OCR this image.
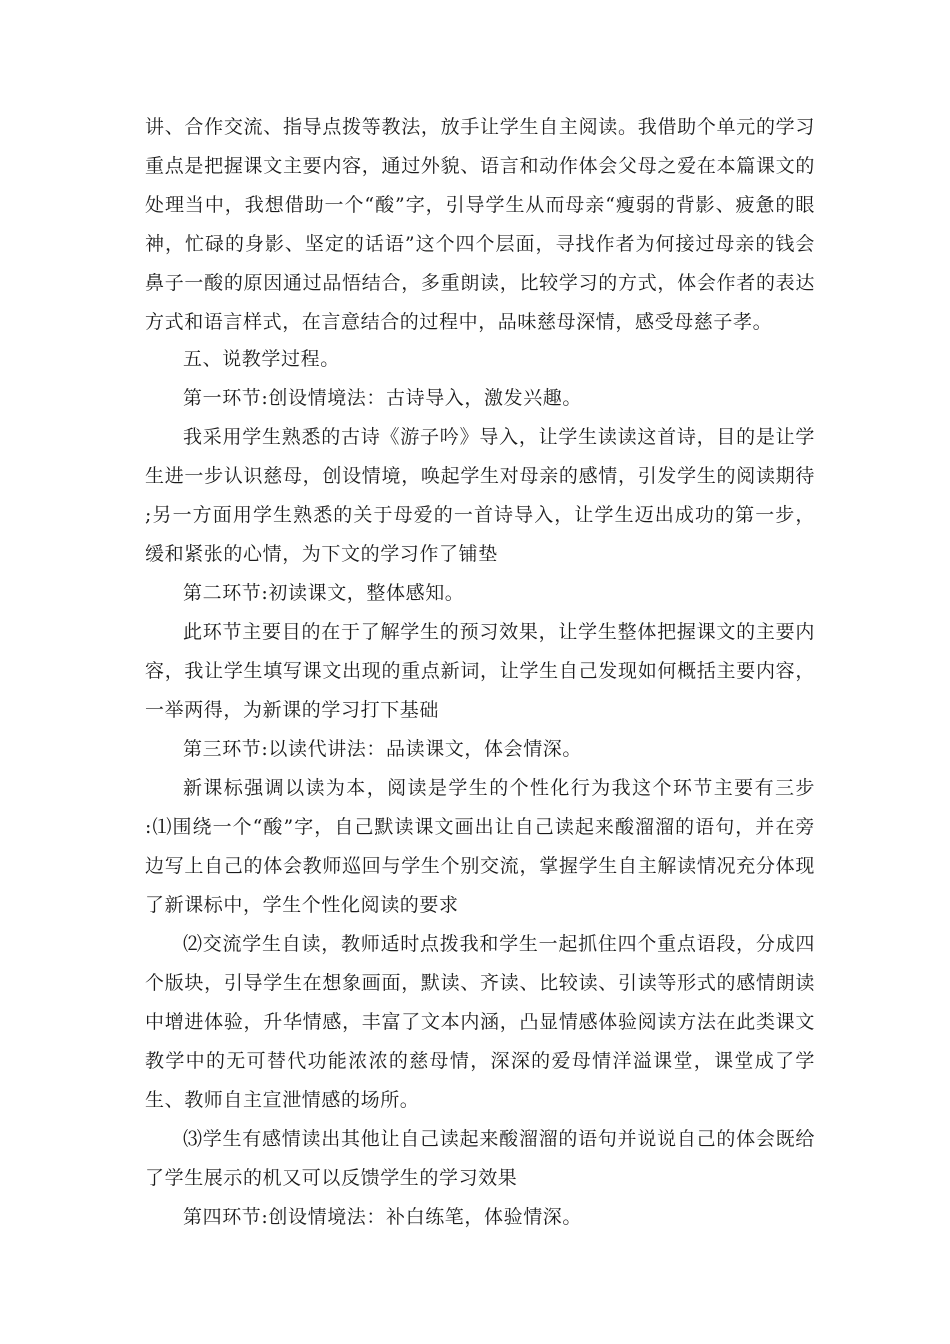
讲、合作交流、指导点拨等教法，放手让学生自主阅读。我借助个单元的学习重点是把握课文主要内容，通过外貌、语言和动作体会父母之爱在本篇课文的处理当中，我想借助一个“酸”字，引导学生从而母亲“瘦弱的背影、疲惫的眼神，忙碌的身影、坚定的话语”这个四个层面，寻找作者为何接过母亲的钱会鼻子一酸的原因通过品悟结合，多重朗读，比较学习的方式，体会作者的表达方式和语言样式，在言意结合的过程中，品味慈母深情，感受母慈子孝。

五、说教学过程。

第一环节:创设情境法：古诗导入，激发兴趣。

我采用学生熟悉的古诗《游子吟》导入，让学生读读这首诗，目的是让学生进一步认识慈母，创设情境，唤起学生对母亲的感情，引发学生的阅读期待 ;另一方面用学生熟悉的关于母爱的一首诗导入，让学生迈出成功的第一步，缓和紧张的心情，为下文的学习作了铺垫

第二环节:初读课文，整体感知。

此环节主要目的在于了解学生的预习效果，让学生整体把握课文的主要内容，我让学生填写课文出现的重点新词，让学生自己发现如何概括主要内容，一举两得，为新课的学习打下基础

第三环节:以读代讲法：品读课文，体会情深。

新课标强调以读为本，阅读是学生的个性化行为我这个环节主要有三步 :⑴围绕一个“酸”字，自己默读课文画出让自己读起来酸溜溜的语句，并在旁边写上自己的体会教师巡回与学生个别交流，掌握学生自主解读情况充分体现了新课标中，学生个性化阅读的要求

⑵交流学生自读，教师适时点拨我和学生一起抓住四个重点语段，分成四个版块，引导学生在想象画面，默读、齐读、比较读、引读等形式的感情朗读中增进体验，升华情感，丰富了文本内涵，凸显情感体验阅读方法在此类课文教学中的无可替代功能浓浓的慈母情，深深的爱母情洋溢课堂，课堂成了学生、教师自主宣泄情感的场所。

⑶学生有感情读出其他让自己读起来酸溜溜的语句并说说自己的体会既给了学生展示的机又可以反馈学生的学习效果

第四环节:创设情境法：补白练笔，体验情深。
